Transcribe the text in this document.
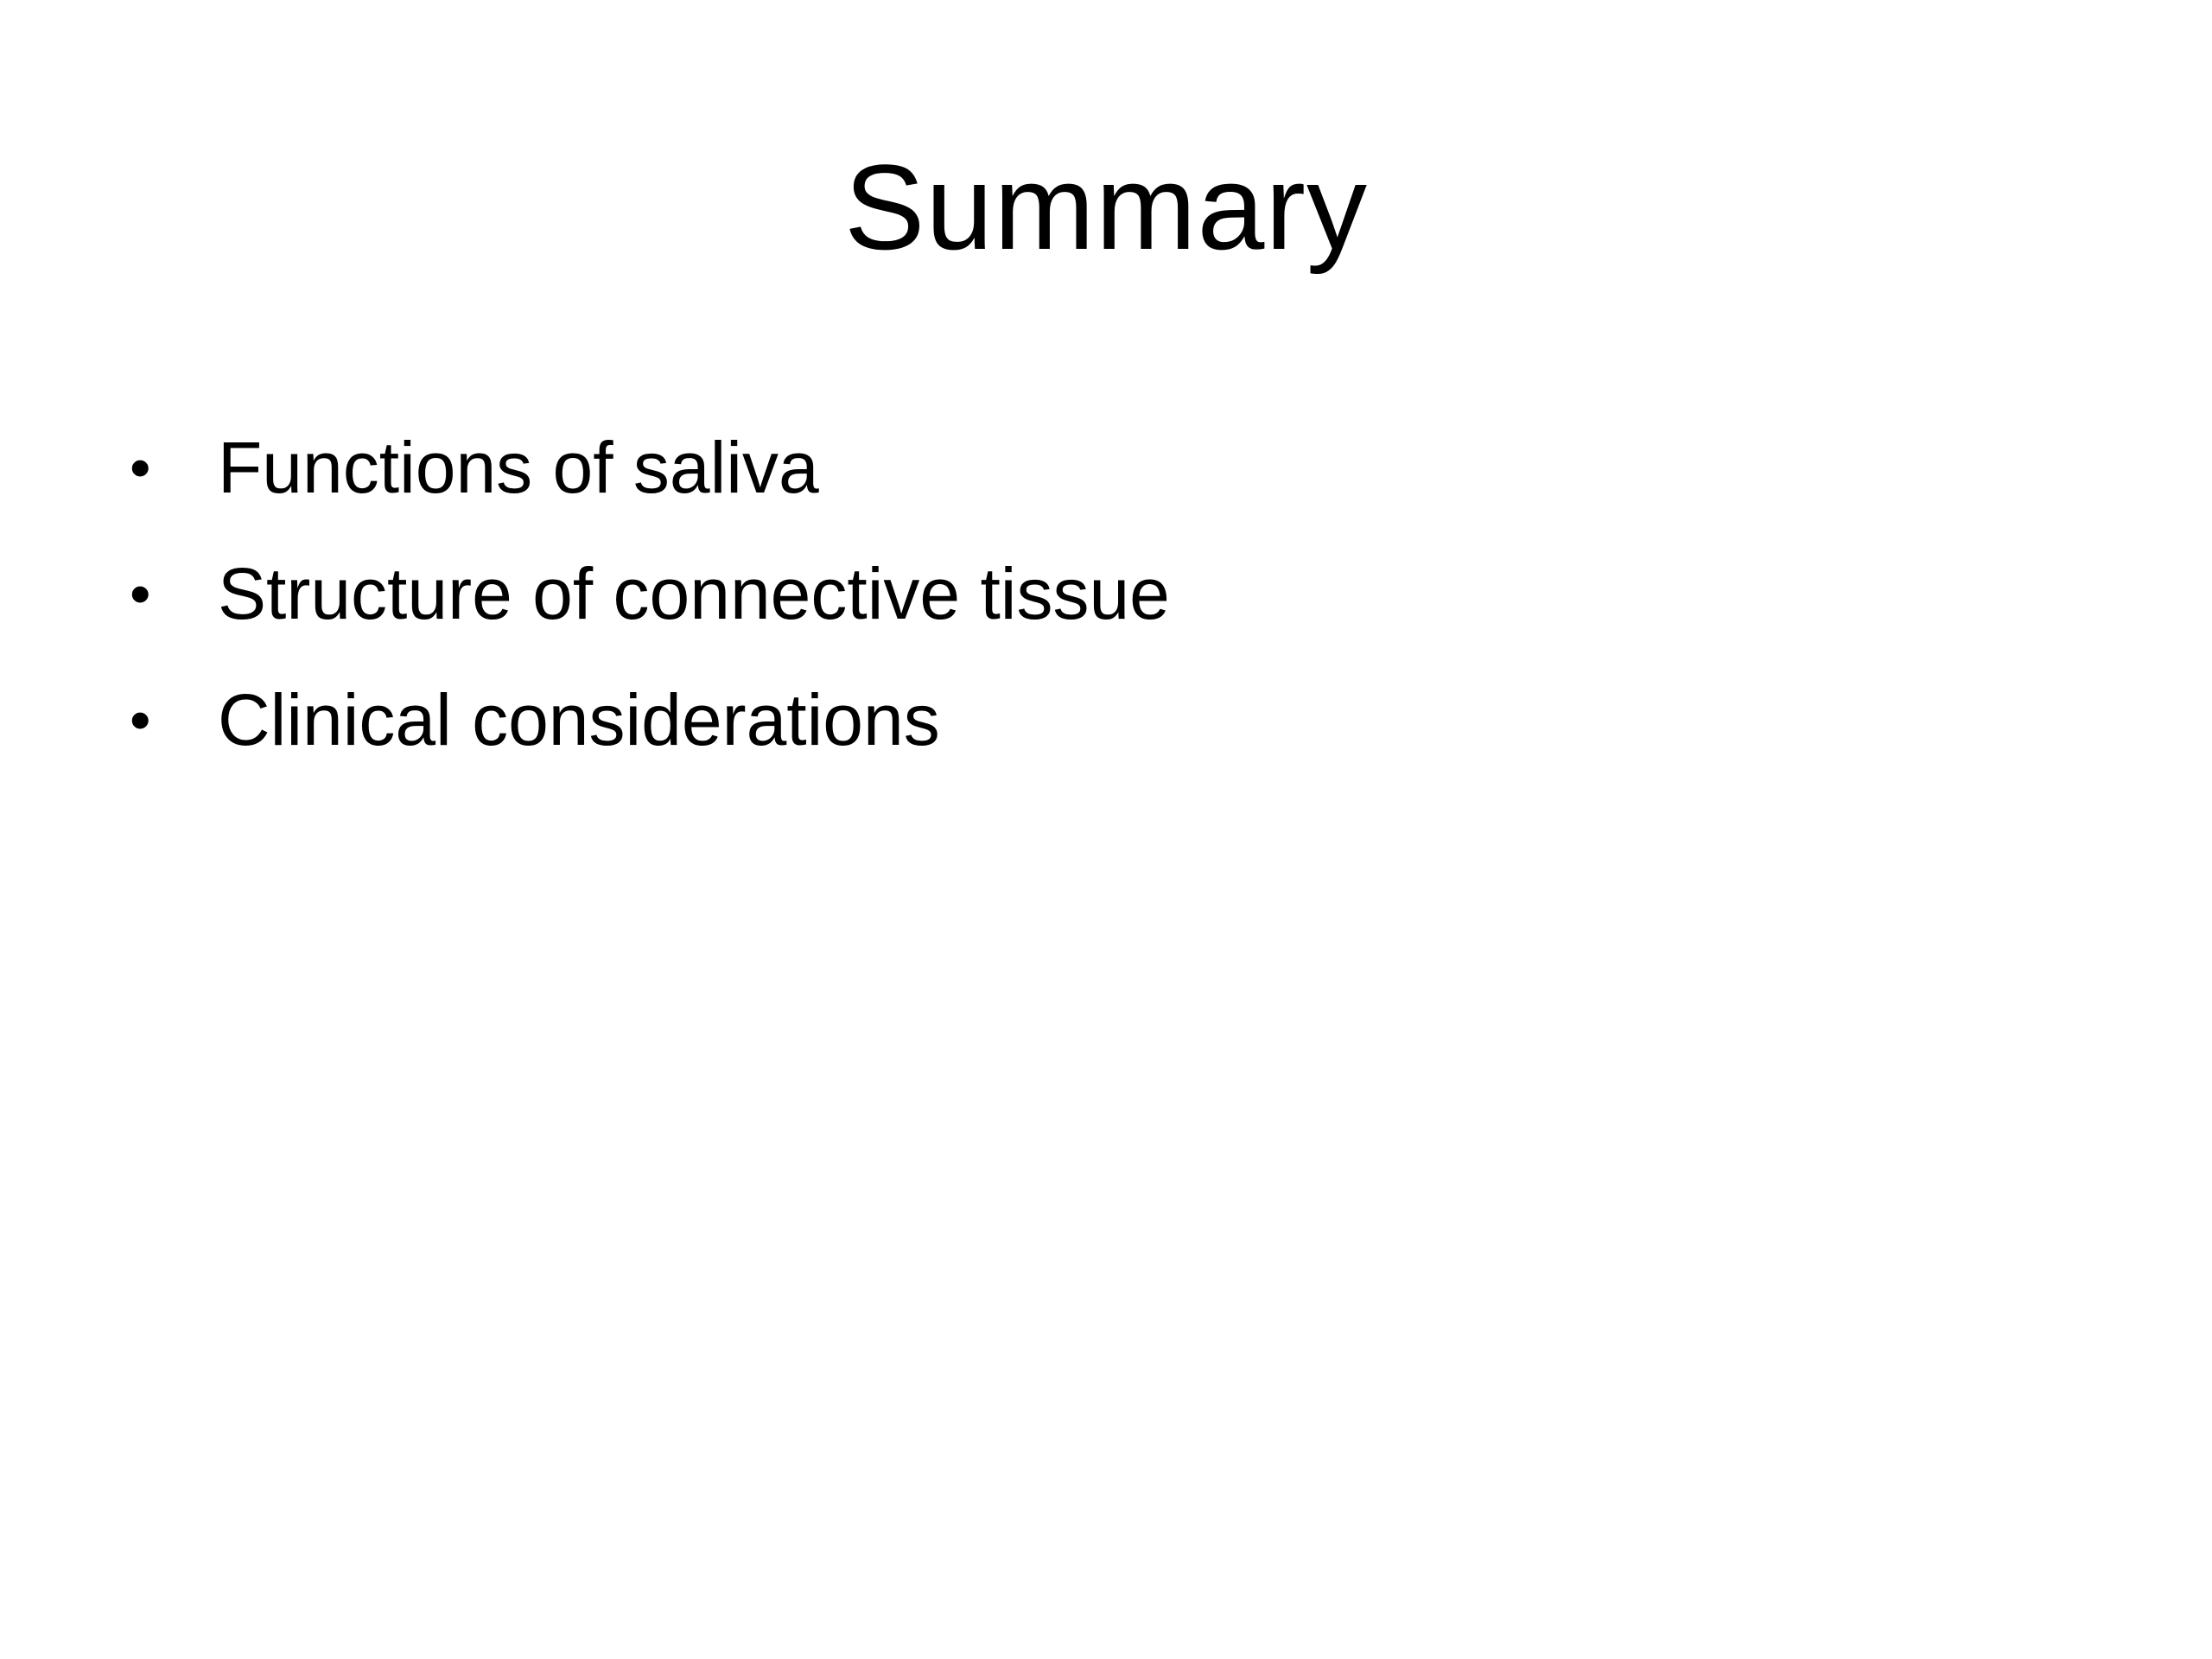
Summary
• Functions of saliva
• Structure of connective tissue
• Clinical considerations
